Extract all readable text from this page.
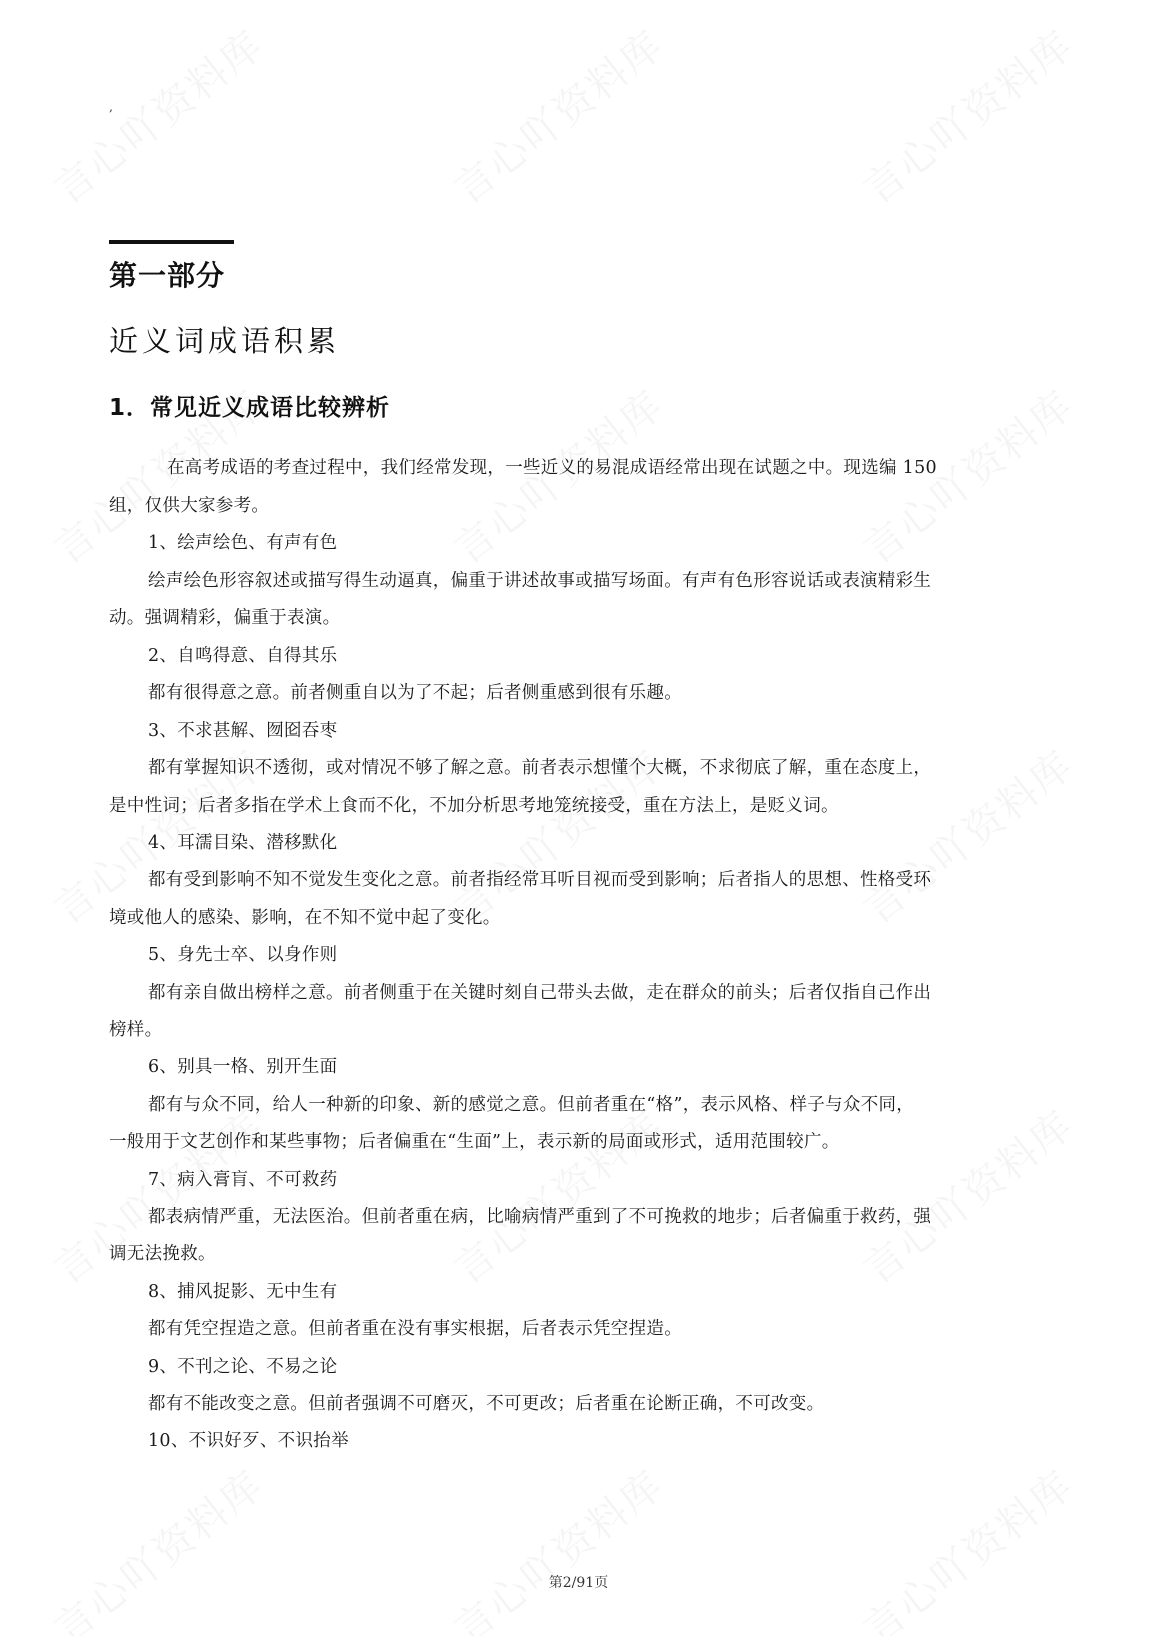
‚
第一部分
近义词成语积累
1．常见近义成语比较辨析
在高考成语的考查过程中，我们经常发现，一些近义的易混成语经常出现在试题之中。现选编 150
组，仅供大家参考。
1、绘声绘色、有声有色
绘声绘色形容叙述或描写得生动逼真，偏重于讲述故事或描写场面。有声有色形容说话或表演精彩生
动。强调精彩，偏重于表演。
2、自鸣得意、自得其乐
都有很得意之意。前者侧重自以为了不起；后者侧重感到很有乐趣。
3、不求甚解、囫囵吞枣
都有掌握知识不透彻，或对情况不够了解之意。前者表示想懂个大概，不求彻底了解，重在态度上，
是中性词；后者多指在学术上食而不化，不加分析思考地笼统接受，重在方法上，是贬义词。
4、耳濡目染、潜移默化
都有受到影响不知不觉发生变化之意。前者指经常耳听目视而受到影响；后者指人的思想、性格受环
境或他人的感染、影响，在不知不觉中起了变化。
5、身先士卒、以身作则
都有亲自做出榜样之意。前者侧重于在关键时刻自己带头去做，走在群众的前头；后者仅指自己作出
榜样。
6、别具一格、别开生面
都有与众不同，给人一种新的印象、新的感觉之意。但前者重在“格”，表示风格、样子与众不同，
一般用于文艺创作和某些事物；后者偏重在“生面”上，表示新的局面或形式，适用范围较广。
7、病入膏肓、不可救药
都表病情严重，无法医治。但前者重在病，比喻病情严重到了不可挽救的地步；后者偏重于救药，强
调无法挽救。
8、捕风捉影、无中生有
都有凭空捏造之意。但前者重在没有事实根据，后者表示凭空捏造。
9、不刊之论、不易之论
都有不能改变之意。但前者强调不可磨灭，不可更改；后者重在论断正确，不可改变。
10、不识好歹、不识抬举
第2/91页
